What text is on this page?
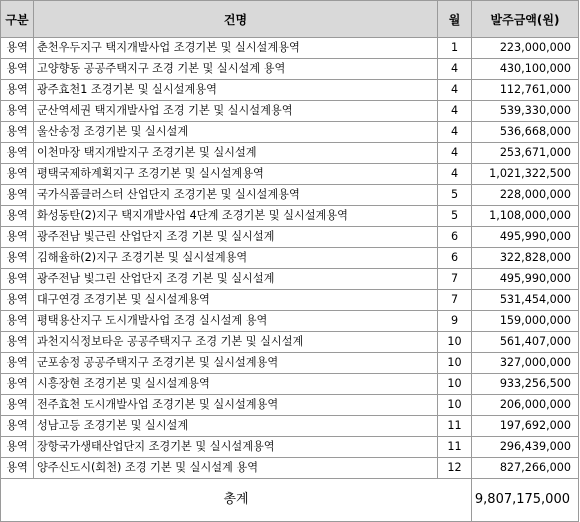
구분	건명	월	발주금액(원)
용역	춘천우두지구 택지개발사업 조경기본 및 실시설계용역	1	223,000,000
용역	고양향동 공공주택지구 조경 기본 및 실시설계 용역	4	430,100,000
용역	광주효천1 조경기본 및 실시설계용역	4	112,761,000
용역	군산역세권 택지개발사업 조경 기본 및 실시설계용역	4	539,330,000
용역	울산송정 조경기본 및 실시설계	4	536,668,000
용역	이천마장 택지개발지구 조경기본 및 실시설계	4	253,671,000
용역	평택국제하계획지구 조경기본 및 실시설계용역	4	1,021,322,500
용역	국가식품클러스터 산업단지 조경기본 및 실시설계용역	5	228,000,000
용역	화성동탄(2)지구 택지개발사업 4단계 조경기본 및 실시설계용역	5	1,108,000,000
용역	광주전남 빛근린 산업단지 조경 기본 및 실시설계	6	495,990,000
용역	김해율하(2)지구 조경기본 및 실시설계용역	6	322,828,000
용역	광주전남 빛그린 산업단지 조경 기본 및 실시설계	7	495,990,000
용역	대구연경 조경기본 및 실시설계용역	7	531,454,000
용역	평택용산지구 도시개발사업 조경 실시설계 용역	9	159,000,000
용역	과천지식정보타운 공공주택지구 조경 기본 및 실시설계	10	561,407,000
용역	군포송정 공공주택지구 조경기본 및 실시설계용역	10	327,000,000
용역	시흥장현 조경기본 및 실시설계용역	10	933,256,500
용역	전주효천 도시개발사업 조경기본 및 실시설계용역	10	206,000,000
용역	성남고등 조경기본 및 실시설계	11	197,692,000
용역	장항국가생태산업단지 조경기본 및 실시설계용역	11	296,439,000
용역	양주신도시(회천) 조경 기본 및 실시설계 용역	12	827,266,000
총계			9,807,175,000
